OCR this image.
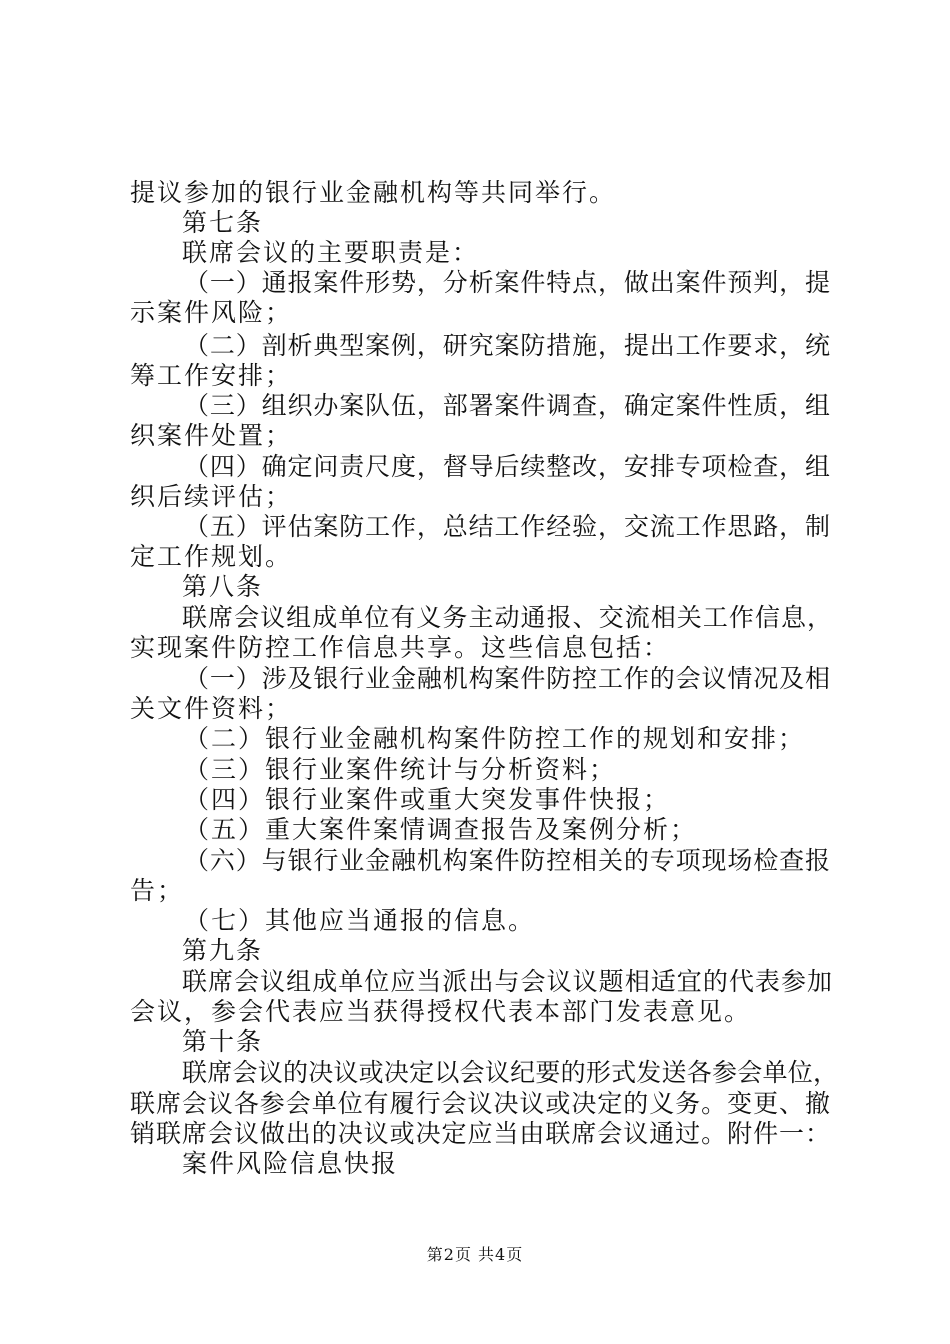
提议参加的银行业金融机构等共同举行。
第七条
联席会议的主要职责是：
（一）通报案件形势，分析案件特点，做出案件预判，提
示案件风险；
（二）剖析典型案例，研究案防措施，提出工作要求，统
筹工作安排；
（三）组织办案队伍，部署案件调查，确定案件性质，组
织案件处置；
（四）确定问责尺度，督导后续整改，安排专项检查，组
织后续评估；
（五）评估案防工作，总结工作经验，交流工作思路，制
定工作规划。
第八条
联席会议组成单位有义务主动通报、交流相关工作信息，
实现案件防控工作信息共享。这些信息包括：
（一）涉及银行业金融机构案件防控工作的会议情况及相
关文件资料；
（二）银行业金融机构案件防控工作的规划和安排；
（三）银行业案件统计与分析资料；
（四）银行业案件或重大突发事件快报；
（五）重大案件案情调查报告及案例分析；
（六）与银行业金融机构案件防控相关的专项现场检查报
告；
（七）其他应当通报的信息。
第九条
联席会议组成单位应当派出与会议议题相适宜的代表参加
会议，参会代表应当获得授权代表本部门发表意见。
第十条
联席会议的决议或决定以会议纪要的形式发送各参会单位，
联席会议各参会单位有履行会议决议或决定的义务。变更、撤
销联席会议做出的决议或决定应当由联席会议通过。附件一：
案件风险信息快报
第2页 共4页
